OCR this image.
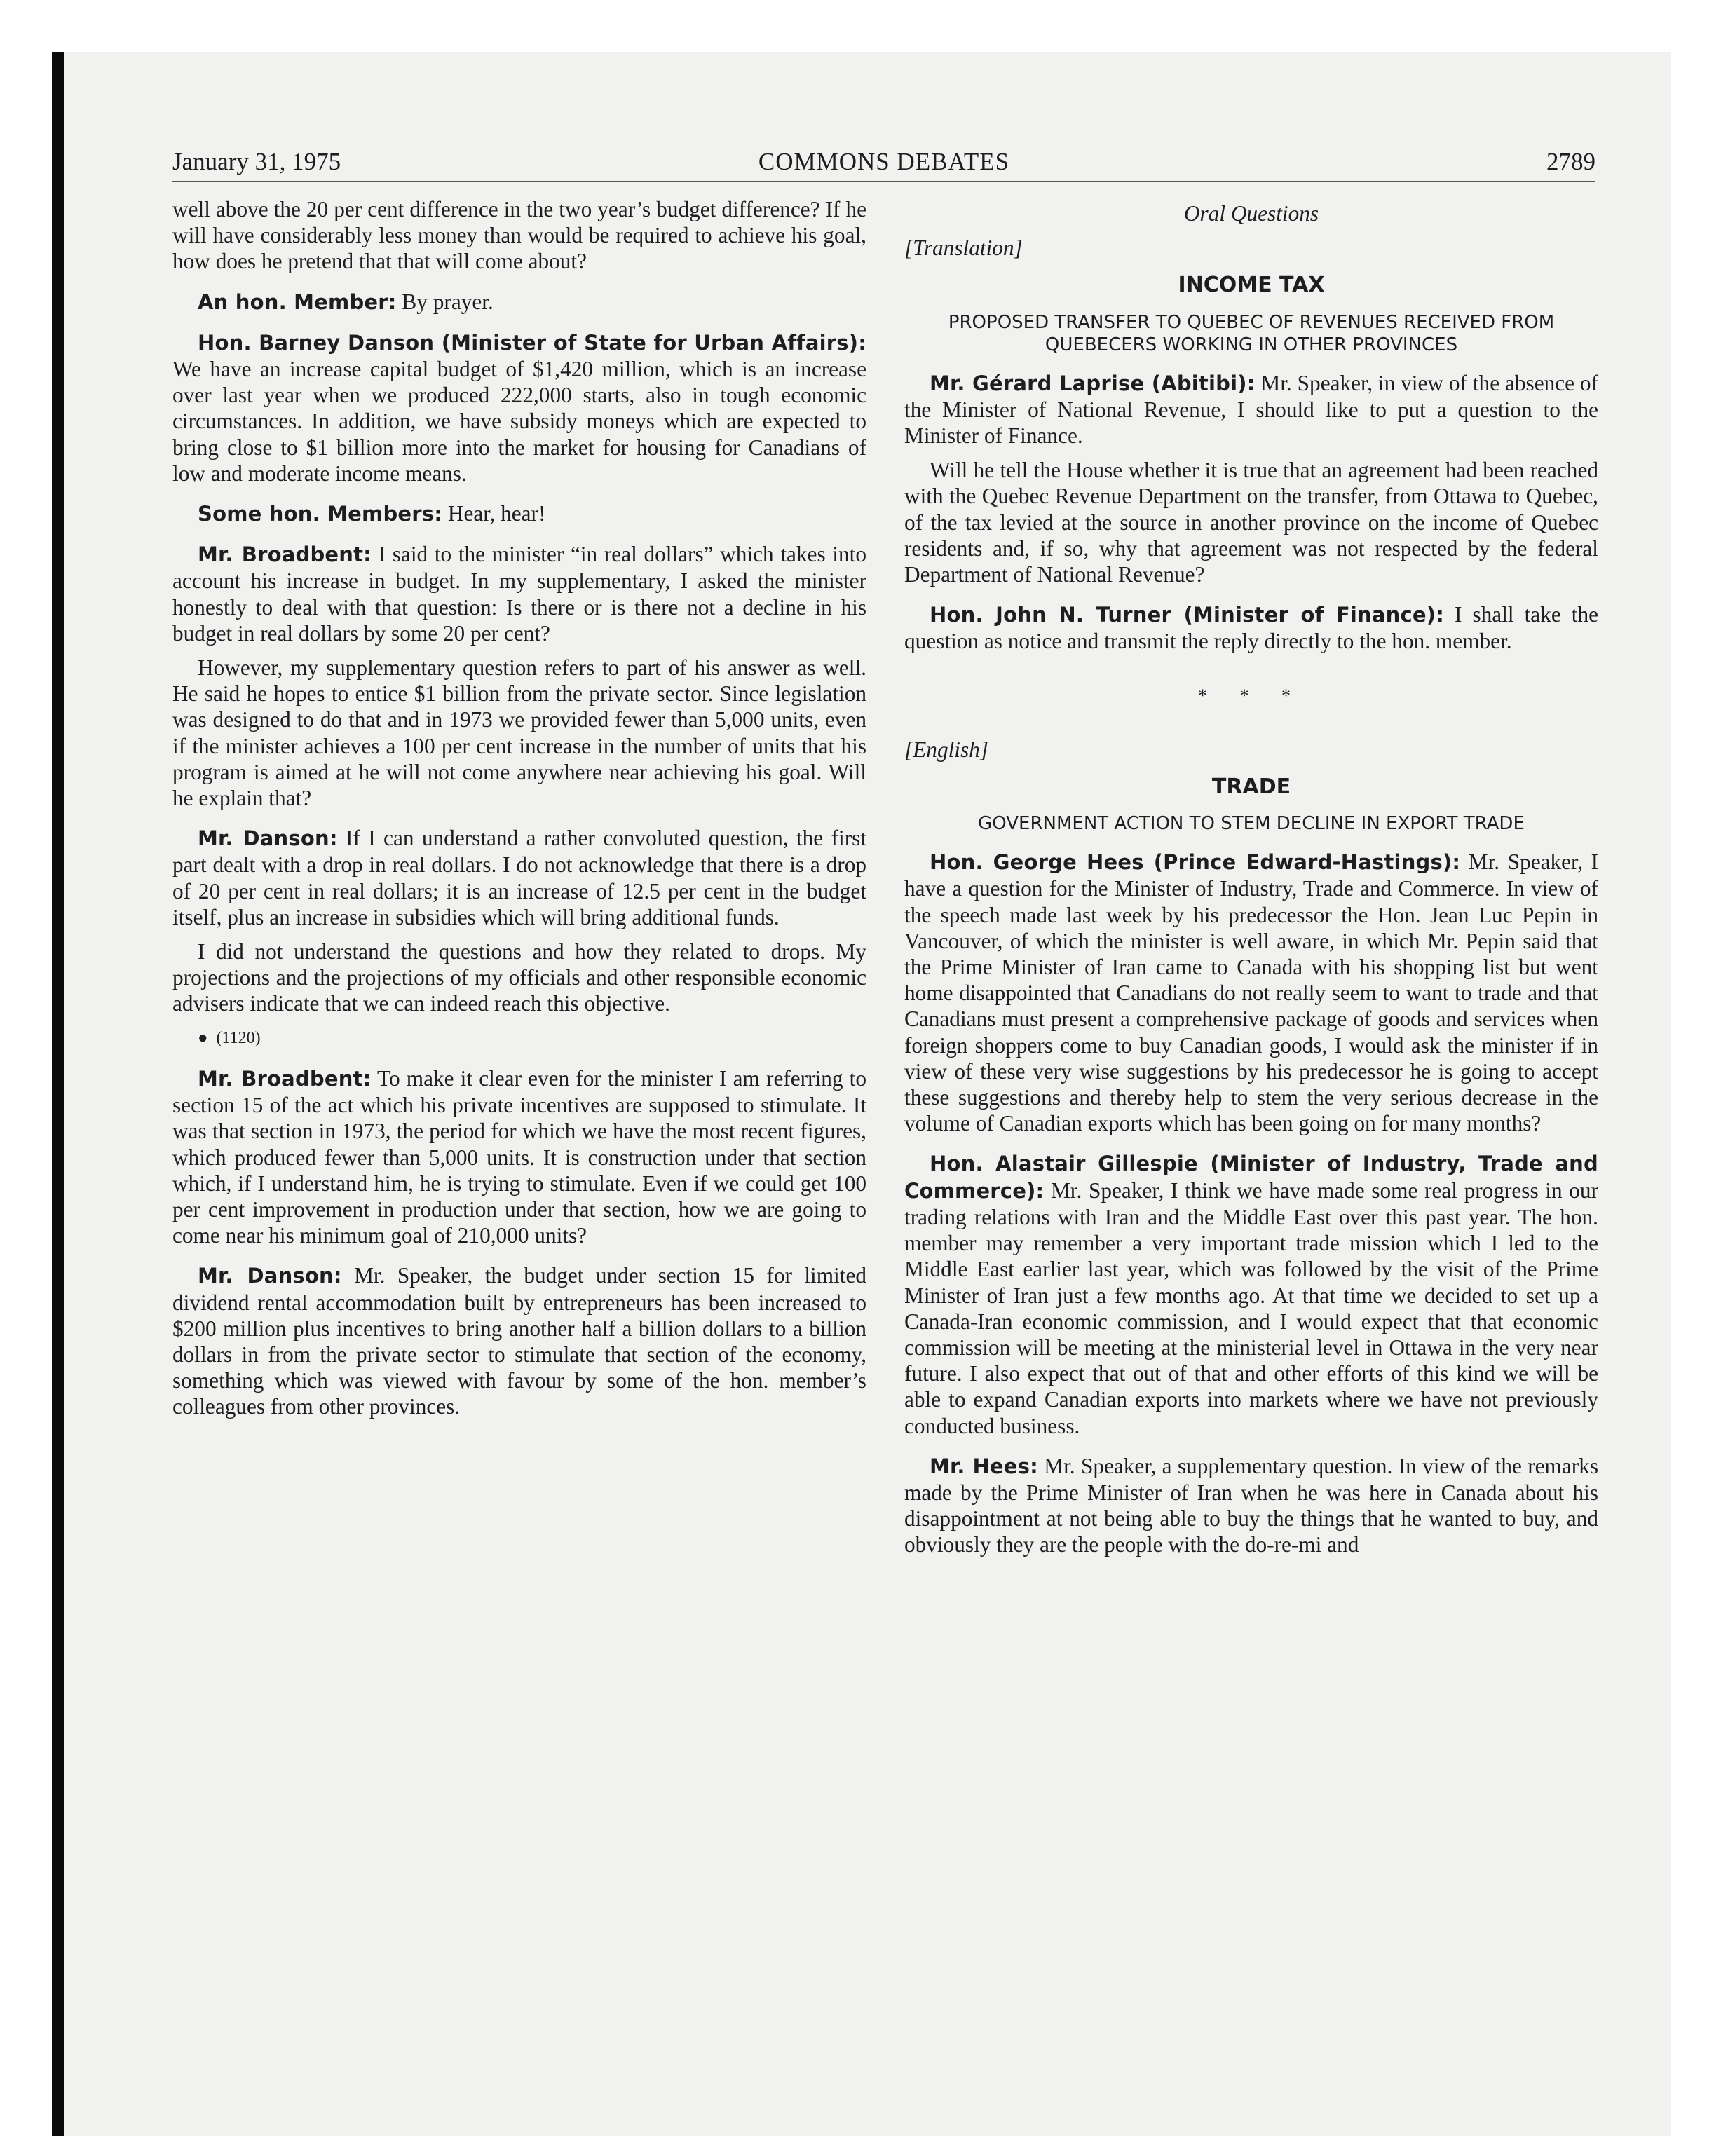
January 31, 1975	COMMONS DEBATES	2789

well above the 20 per cent difference in the two year’s budget difference? If he will have considerably less money than would be required to achieve his goal, how does he pretend that that will come about?

An hon. Member: By prayer.

Hon. Barney Danson (Minister of State for Urban Affairs): We have an increase capital budget of $1,420 million, which is an increase over last year when we produced 222,000 starts, also in tough economic circumstances. In addition, we have subsidy moneys which are expected to bring close to $1 billion more into the market for housing for Canadians of low and moderate income means.

Some hon. Members: Hear, hear!

Mr. Broadbent: I said to the minister “in real dollars” which takes into account his increase in budget. In my supplementary, I asked the minister honestly to deal with that question: Is there or is there not a decline in his budget in real dollars by some 20 per cent?

However, my supplementary question refers to part of his answer as well. He said he hopes to entice $1 billion from the private sector. Since legislation was designed to do that and in 1973 we provided fewer than 5,000 units, even if the minister achieves a 100 per cent increase in the number of units that his program is aimed at he will not come anywhere near achieving his goal. Will he explain that?

Mr. Danson: If I can understand a rather convoluted question, the first part dealt with a drop in real dollars. I do not acknowledge that there is a drop of 20 per cent in real dollars; it is an increase of 12.5 per cent in the budget itself, plus an increase in subsidies which will bring additional funds.

I did not understand the questions and how they related to drops. My projections and the projections of my officials and other responsible economic advisers indicate that we can indeed reach this objective.

● (1120)

Mr. Broadbent: To make it clear even for the minister I am referring to section 15 of the act which his private incentives are supposed to stimulate. It was that section in 1973, the period for which we have the most recent figures, which produced fewer than 5,000 units. It is construction under that section which, if I understand him, he is trying to stimulate. Even if we could get 100 per cent improvement in production under that section, how we are going to come near his minimum goal of 210,000 units?

Mr. Danson: Mr. Speaker, the budget under section 15 for limited dividend rental accommodation built by entrepreneurs has been increased to $200 million plus incentives to bring another half a billion dollars to a billion dollars in from the private sector to stimulate that section of the economy, something which was viewed with favour by some of the hon. member’s colleagues from other provinces.

Oral Questions
[Translation]
INCOME TAX
PROPOSED TRANSFER TO QUEBEC OF REVENUES RECEIVED FROM QUEBECERS WORKING IN OTHER PROVINCES

Mr. Gérard Laprise (Abitibi): Mr. Speaker, in view of the absence of the Minister of National Revenue, I should like to put a question to the Minister of Finance.

Will he tell the House whether it is true that an agreement had been reached with the Quebec Revenue Department on the transfer, from Ottawa to Quebec, of the tax levied at the source in another province on the income of Quebec residents and, if so, why that agreement was not respected by the federal Department of National Revenue?

Hon. John N. Turner (Minister of Finance): I shall take the question as notice and transmit the reply directly to the hon. member.

* * *
[English]
TRADE
GOVERNMENT ACTION TO STEM DECLINE IN EXPORT TRADE

Hon. George Hees (Prince Edward-Hastings): Mr. Speaker, I have a question for the Minister of Industry, Trade and Commerce. In view of the speech made last week by his predecessor the Hon. Jean Luc Pepin in Vancouver, of which the minister is well aware, in which Mr. Pepin said that the Prime Minister of Iran came to Canada with his shopping list but went home disappointed that Canadians do not really seem to want to trade and that Canadians must present a comprehensive package of goods and services when foreign shoppers come to buy Canadian goods, I would ask the minister if in view of these very wise suggestions by his predecessor he is going to accept these suggestions and thereby help to stem the very serious decrease in the volume of Canadian exports which has been going on for many months?

Hon. Alastair Gillespie (Minister of Industry, Trade and Commerce): Mr. Speaker, I think we have made some real progress in our trading relations with Iran and the Middle East over this past year. The hon. member may remember a very important trade mission which I led to the Middle East earlier last year, which was followed by the visit of the Prime Minister of Iran just a few months ago. At that time we decided to set up a Canada-Iran economic commission, and I would expect that that economic commission will be meeting at the ministerial level in Ottawa in the very near future. I also expect that out of that and other efforts of this kind we will be able to expand Canadian exports into markets where we have not previously conducted business.

Mr. Hees: Mr. Speaker, a supplementary question. In view of the remarks made by the Prime Minister of Iran when he was here in Canada about his disappointment at not being able to buy the things that he wanted to buy, and obviously they are the people with the do-re-mi and
